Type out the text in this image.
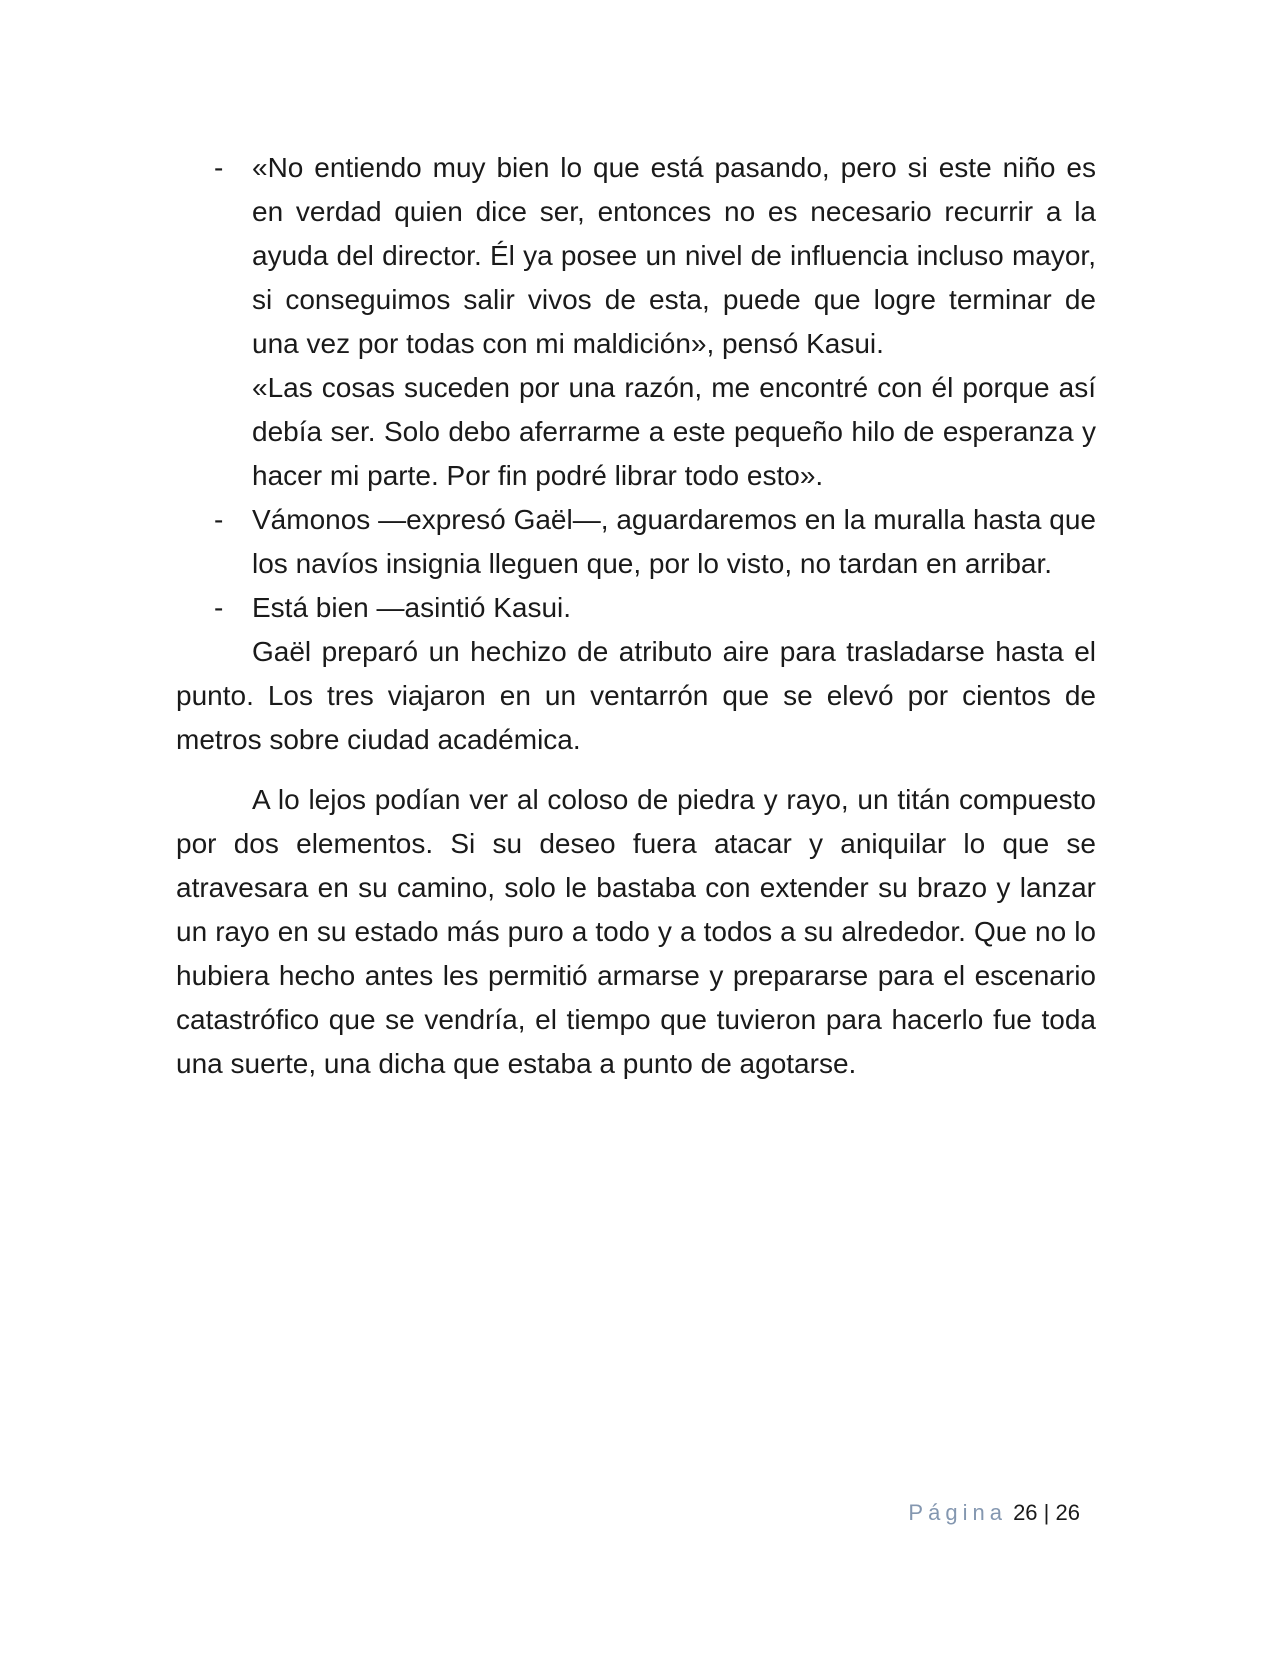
- «No entiendo muy bien lo que está pasando, pero si este niño es en verdad quien dice ser, entonces no es necesario recurrir a la ayuda del director. Él ya posee un nivel de influencia incluso mayor, si conseguimos salir vivos de esta, puede que logre terminar de una vez por todas con mi maldición», pensó Kasui.
«Las cosas suceden por una razón, me encontré con él porque así debía ser. Solo debo aferrarme a este pequeño hilo de esperanza y hacer mi parte. Por fin podré librar todo esto».
- Vámonos —expresó Gaël—, aguardaremos en la muralla hasta que los navíos insignia lleguen que, por lo visto, no tardan en arribar.
- Está bien —asintió Kasui.

Gaël preparó un hechizo de atributo aire para trasladarse hasta el punto. Los tres viajaron en un ventarrón que se elevó por cientos de metros sobre ciudad académica.

A lo lejos podían ver al coloso de piedra y rayo, un titán compuesto por dos elementos. Si su deseo fuera atacar y aniquilar lo que se atravesara en su camino, solo le bastaba con extender su brazo y lanzar un rayo en su estado más puro a todo y a todos a su alrededor. Que no lo hubiera hecho antes les permitió armarse y prepararse para el escenario catastrófico que se vendría, el tiempo que tuvieron para hacerlo fue toda una suerte, una dicha que estaba a punto de agotarse.

Página 26 | 26
